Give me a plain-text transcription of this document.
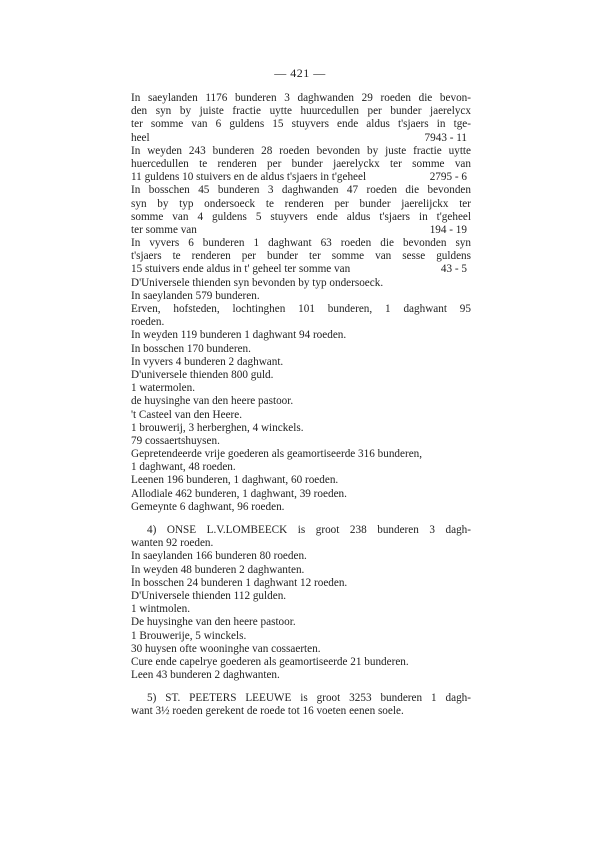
— 421 —
In saeylanden 1176 bunderen 3 daghwanden 29 roeden die bevon-
den syn by juiste fractie uytte huurcedullen per bunder jaerelycx
ter somme van 6 guldens 15 stuyvers ende aldus t'sjaers in tge-
heel	7943 - 11
In weyden 243 bunderen 28 roeden bevonden by juste fractie uytte
huercedullen te renderen per bunder jaerelyckx ter somme van
11 guldens 10 stuivers en de aldus t'sjaers in t'geheel	2795 - 6
In bosschen 45 bunderen 3 daghwanden 47 roeden die bevonden
syn by typ ondersoeck te renderen per bunder jaerelijckx ter
somme van 4 guldens 5 stuyvers ende aldus t'sjaers in t'geheel
ter somme van	194 - 19
In vyvers 6 bunderen 1 daghwant 63 roeden die bevonden syn
t'sjaers te renderen per bunder ter somme van sesse guldens
15 stuivers ende aldus in t' geheel ter somme van	43 - 5
D'Universele thienden syn bevonden by typ ondersoeck.
In saeylanden 579 bunderen.
Erven, hofsteden, lochtinghen 101 bunderen, 1 daghwant 95
roeden.
In weyden 119 bunderen 1 daghwant 94 roeden.
In bosschen 170 bunderen.
In vyvers 4 bunderen 2 daghwant.
D'universele thienden 800 guld.
1 watermolen.
de huysinghe van den heere pastoor.
't Casteel van den Heere.
1 brouwerij, 3 herberghen, 4 winckels.
79 cossaertshuysen.
Gepretendeerde vrije goederen als geamortiseerde 316 bunderen,
1 daghwant, 48 roeden.
Leenen 196 bunderen, 1 daghwant, 60 roeden.
Allodiale 462 bunderen, 1 daghwant, 39 roeden.
Gemeynte 6 daghwant, 96 roeden.
4) ONSE L.V.LOMBEECK is groot 238 bunderen 3 dagh-
wanten 92 roeden.
In saeylanden 166 bunderen 80 roeden.
In weyden 48 bunderen 2 daghwanten.
In bosschen 24 bunderen 1 daghwant 12 roeden.
D'Universele thienden 112 gulden.
1 wintmolen.
De huysinghe van den heere pastoor.
1 Brouwerije, 5 winckels.
30 huysen ofte wooninghe van cossaerten.
Cure ende capelrye goederen als geamortiseerde 21 bunderen.
Leen 43 bunderen 2 daghwanten.
5) ST. PEETERS LEEUWE is groot 3253 bunderen 1 dagh-
want 3½ roeden gerekent de roede tot 16 voeten eenen soele.
